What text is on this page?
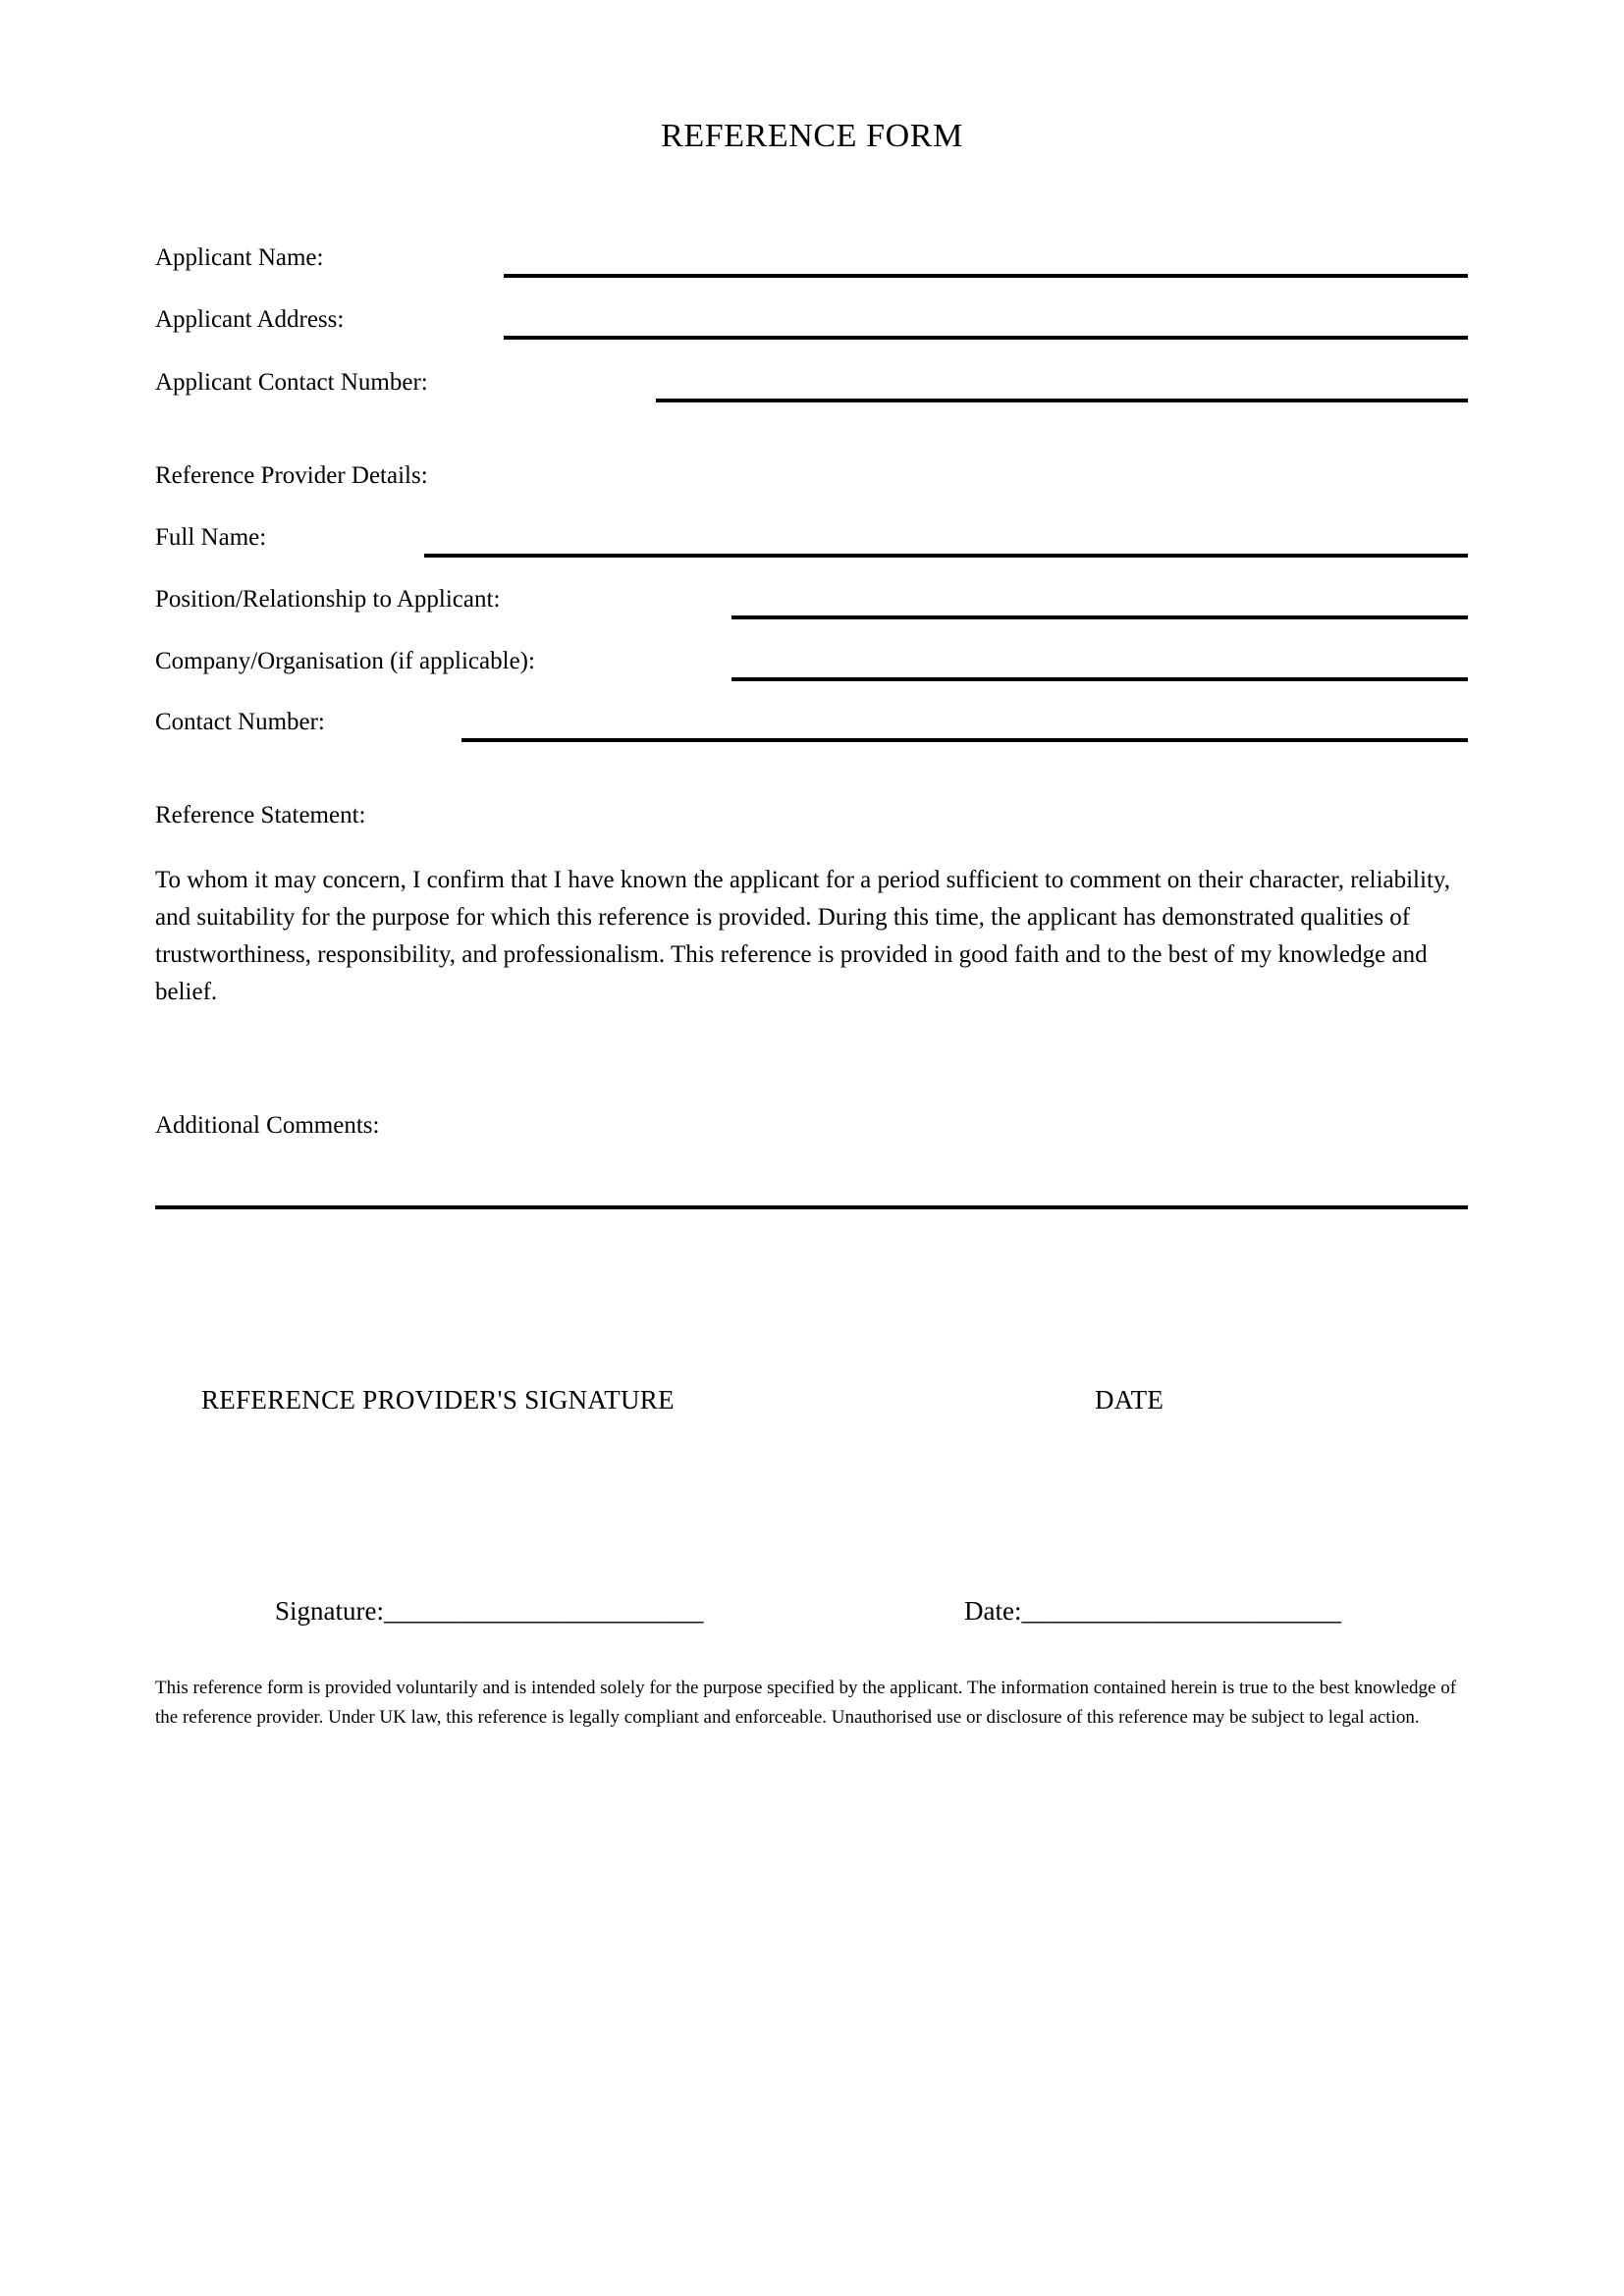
REFERENCE FORM
Applicant Name:
Applicant Address:
Applicant Contact Number:
Reference Provider Details:
Full Name:
Position/Relationship to Applicant:
Company/Organisation (if applicable):
Contact Number:
Reference Statement:
To whom it may concern, I confirm that I have known the applicant for a period sufficient to comment on their character, reliability, and suitability for the purpose for which this reference is provided. During this time, the applicant has demonstrated qualities of trustworthiness, responsibility, and professionalism. This reference is provided in good faith and to the best of my knowledge and belief.
Additional Comments:
REFERENCE PROVIDER'S SIGNATURE	DATE

Signature:_________________________
	Date:_________________________

This reference form is provided voluntarily and is intended solely for the purpose specified by the applicant. The information contained herein is true to the best knowledge of the reference provider. Under UK law, this reference is legally compliant and enforceable. Unauthorised use or disclosure of this reference may be subject to legal action.
